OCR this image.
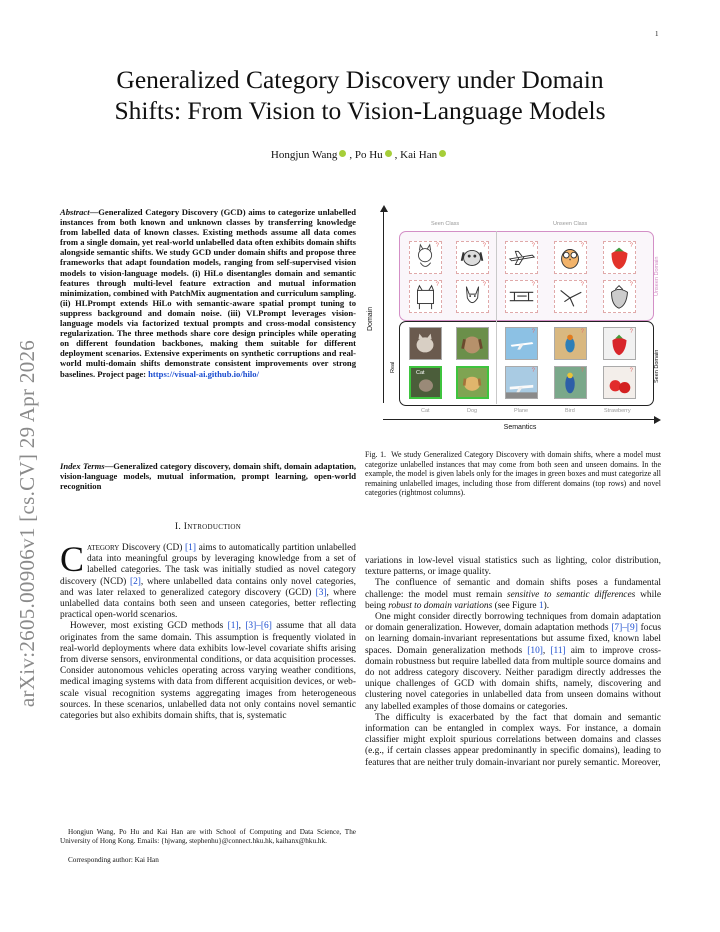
1
arXiv:2605.00906v1 [cs.CV] 29 Apr 2026
Generalized Category Discovery under Domain
Shifts: From Vision to Vision-Language Models
Hongjun Wang , Po Hu , Kai Han
Abstract—Generalized Category Discovery (GCD) aims to categorize unlabelled instances from both known and unknown classes by transferring knowledge from labelled data of known classes. Existing methods assume all data comes from a single domain, yet real-world unlabelled data often exhibits domain shifts alongside semantic shifts. We study GCD under domain shifts and propose three frameworks that adapt foundation models, ranging from self-supervised vision models to vision-language models. (i) HiLo disentangles domain and semantic features through multi-level feature extraction and mutual information minimization, combined with PatchMix augmentation and curriculum sampling. (ii) HLPrompt extends HiLo with semantic-aware spatial prompt tuning to suppress background and domain noise. (iii) VLPrompt leverages vision-language models via factorized textual prompts and cross-modal consistency regularization. The three methods share core design principles while operating on different foundation backbones, making them suitable for different deployment scenarios. Extensive experiments on synthetic corruptions and real-world multi-domain shifts demonstrate consistent improvements over strong baselines. Project page: https://visual-ai.github.io/hilo/
Index Terms—Generalized category discovery, domain shift, domain adaptation, vision-language models, mutual information, prompt learning, open-world recognition
I. Introduction

Category Discovery (CD) [1] aims to automatically partition unlabelled data into meaningful groups by leveraging knowledge from a set of labelled categories. The task was initially studied as novel category discovery (NCD) [2], where unlabelled data contains only novel categories, and was later relaxed to generalized category discovery (GCD) [3], where unlabelled data contains both seen and unseen categories, better reflecting practical open-world scenarios.

However, most existing GCD methods [1], [3]–[6] assume that all data originates from the same domain. This assumption is frequently violated in real-world deployments where data exhibits low-level covariate shifts arising from diverse sensors, environmental conditions, or data acquisition processes. Consider autonomous vehicles operating across varying weather conditions, medical imaging systems with data from different acquisition devices, or web-scale visual recognition systems aggregating images from heterogeneous sources. In these scenarios, unlabelled data not only contains novel semantic categories but also exhibits domain shifts, that is, systematic

Hongjun Wang, Po Hu and Kai Han are with School of Computing and Data Science, The University of Hong Kong. Emails: {hjwang, stephenhu}@connect.hku.hk, kaihanx@hku.hk.

Corresponding author: Kai Han

Domain
Real
Unseen Domain
Seen Domain
Seen Class	Unseen Class
?	?	?	?	?
?	?	?	?	?
?	?	?
Cat	?	?	?
Cat	Dog	Plane	Bird	Strawberry
Semantics
Fig. 1. We study Generalized Category Discovery with domain shifts, where a model must categorize unlabelled instances that may come from both seen and unseen domains. In the example, the model is given labels only for the images in green boxes and must categorize all remaining unlabelled images, including those from different domains (top rows) and novel categories (rightmost columns).

variations in low-level visual statistics such as lighting, color distribution, texture patterns, or image quality.

The confluence of semantic and domain shifts poses a fundamental challenge: the model must remain sensitive to semantic differences while being robust to domain variations (see Figure 1).

One might consider directly borrowing techniques from domain adaptation or domain generalization. However, domain adaptation methods [7]–[9] focus on learning domain-invariant representations but assume fixed, known label spaces. Domain generalization methods [10], [11] aim to improve cross-domain robustness but require labelled data from multiple source domains and do not address category discovery. Neither paradigm directly addresses the unique challenges of GCD with domain shifts, namely, discovering and clustering novel categories in unlabelled data from unseen domains without any labelled examples of those domains or categories.

The difficulty is exacerbated by the fact that domain and semantic information can be entangled in complex ways. For instance, a domain classifier might exploit spurious correlations between domains and classes (e.g., if certain classes appear predominantly in specific domains), leading to features that are neither truly domain-invariant nor purely semantic. Moreover,
